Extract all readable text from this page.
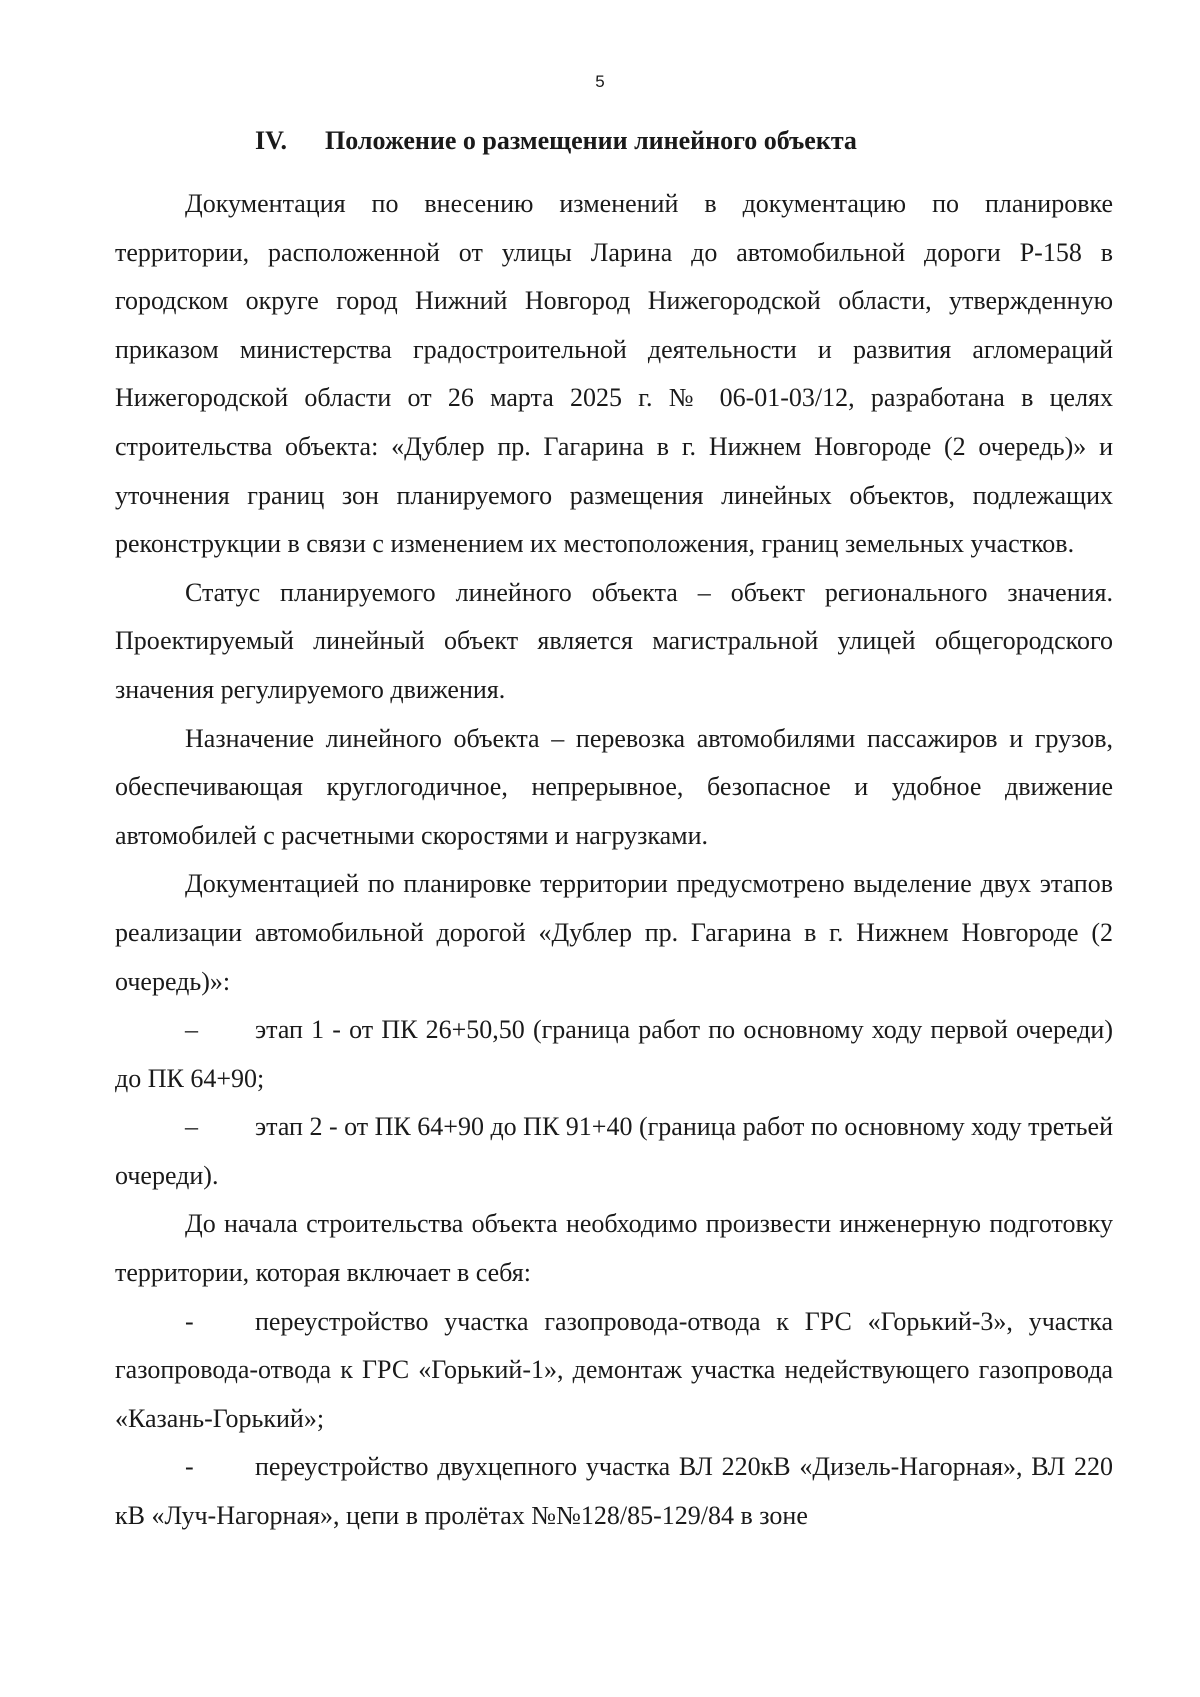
5
IV. Положение о размещении линейного объекта

Документация по внесению изменений в документацию по планировке территории, расположенной от улицы Ларина до автомобильной дороги Р-158 в городском округе город Нижний Новгород Нижегородской области, утвержденную приказом министерства градостроительной деятельности и развития агломераций Нижегородской области от 26 марта 2025 г. № 06-01-03/12, разработана в целях строительства объекта: «Дублер пр. Гагарина в г. Нижнем Новгороде (2 очередь)» и уточнения границ зон планируемого размещения линейных объектов, подлежащих реконструкции в связи с изменением их местоположения, границ земельных участков.

Статус планируемого линейного объекта – объект регионального значения. Проектируемый линейный объект является магистральной улицей общегородского значения регулируемого движения.

Назначение линейного объекта – перевозка автомобилями пассажиров и грузов, обеспечивающая круглогодичное, непрерывное, безопасное и удобное движение автомобилей с расчетными скоростями и нагрузками.

Документацией по планировке территории предусмотрено выделение двух этапов реализации автомобильной дорогой «Дублер пр. Гагарина в г. Нижнем Новгороде (2 очередь)»:

– этап 1 - от ПК 26+50,50 (граница работ по основному ходу первой очереди) до ПК 64+90;

– этап 2 - от ПК 64+90 до ПК 91+40 (граница работ по основному ходу третьей очереди).

До начала строительства объекта необходимо произвести инженерную подготовку территории, которая включает в себя:

- переустройство участка газопровода-отвода к ГРС «Горький-3», участка газопровода-отвода к ГРС «Горький-1», демонтаж участка недействующего газопровода «Казань-Горький»;

- переустройство двухцепного участка ВЛ 220кВ «Дизель-Нагорная», ВЛ 220 кВ «Луч-Нагорная», цепи в пролётах №№128/85-129/84 в зоне
